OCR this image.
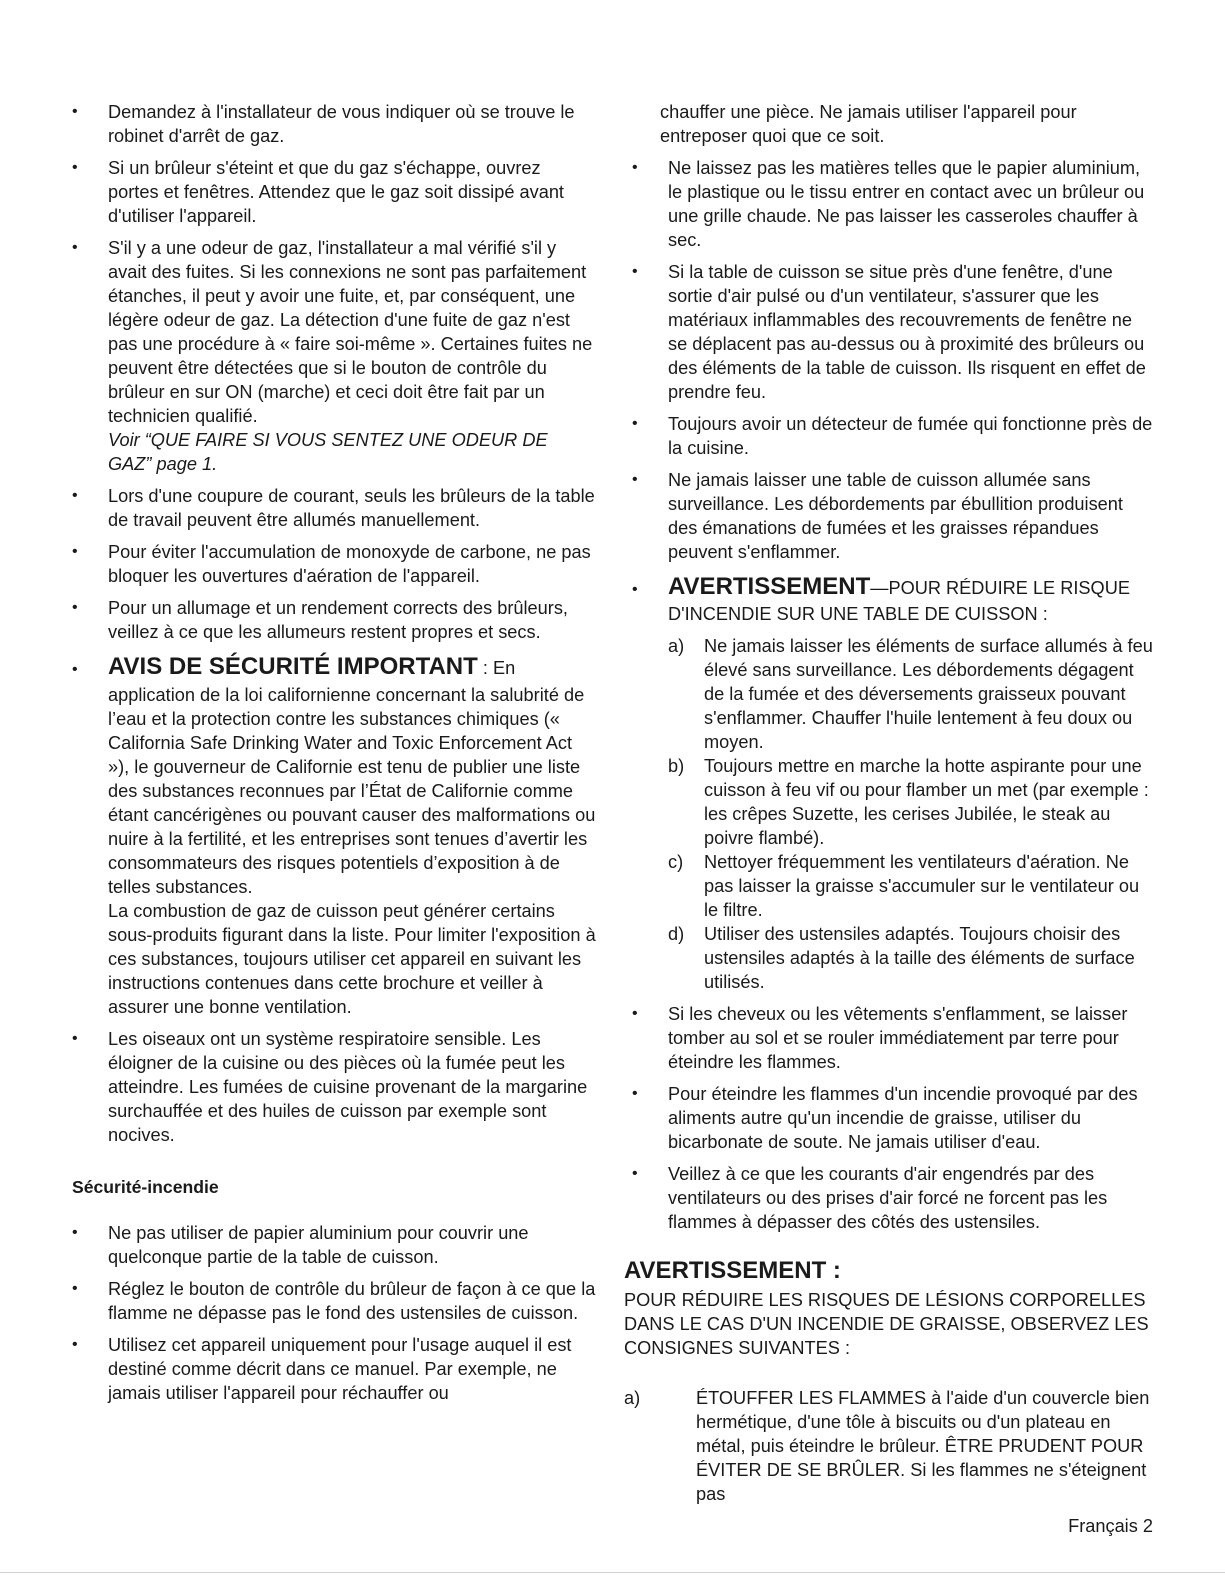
• Demandez à l'installateur de vous indiquer où se trouve le robinet d'arrêt de gaz.

• Si un brûleur s'éteint et que du gaz s'échappe, ouvrez portes et fenêtres. Attendez que le gaz soit dissipé avant d'utiliser l'appareil.

• S'il y a une odeur de gaz, l'installateur a mal vérifié s'il y avait des fuites. Si les connexions ne sont pas parfaitement étanches, il peut y avoir une fuite, et, par conséquent, une légère odeur de gaz. La détection d'une fuite de gaz n'est pas une procédure à « faire soi-même ». Certaines fuites ne peuvent être détectées que si le bouton de contrôle du brûleur en sur ON (marche) et ceci doit être fait par un technicien qualifié.

Voir “QUE FAIRE SI VOUS SENTEZ UNE ODEUR DE GAZ” page 1.

• Lors d'une coupure de courant, seuls les brûleurs de la table de travail peuvent être allumés manuellement.

• Pour éviter l'accumulation de monoxyde de carbone, ne pas bloquer les ouvertures d'aération de l'appareil.

• Pour un allumage et un rendement corrects des brûleurs, veillez à ce que les allumeurs restent propres et secs.

• AVIS DE SÉCURITÉ IMPORTANT : En

application de la loi californienne concernant la salubrité de l’eau et la protection contre les substances chimiques (« California Safe Drinking Water and Toxic Enforcement Act »), le gouverneur de Californie est tenu de publier une liste des substances reconnues par l’État de Californie comme étant cancérigènes ou pouvant causer des malformations ou nuire à la fertilité, et les entreprises sont tenues d’avertir les consommateurs des risques potentiels d’exposition à de telles substances.

La combustion de gaz de cuisson peut générer certains sous-produits figurant dans la liste. Pour limiter l'exposition à ces substances, toujours utiliser cet appareil en suivant les instructions contenues dans cette brochure et veiller à assurer une bonne ventilation.

• Les oiseaux ont un système respiratoire sensible. Les éloigner de la cuisine ou des pièces où la fumée peut les atteindre. Les fumées de cuisine provenant de la margarine surchauffée et des huiles de cuisson par exemple sont nocives.

Sécurité-incendie
• Ne pas utiliser de papier aluminium pour couvrir une quelconque partie de la table de cuisson.

• Réglez le bouton de contrôle du brûleur de façon à ce que la flamme ne dépasse pas le fond des ustensiles de cuisson.

• Utilisez cet appareil uniquement pour l'usage auquel il est destiné comme décrit dans ce manuel. Par exemple, ne jamais utiliser l'appareil pour réchauffer ou

chauffer une pièce. Ne jamais utiliser l'appareil pour entreposer quoi que ce soit.

• Ne laissez pas les matières telles que le papier aluminium, le plastique ou le tissu entrer en contact avec un brûleur ou une grille chaude. Ne pas laisser les casseroles chauffer à sec.

• Si la table de cuisson se situe près d'une fenêtre, d'une sortie d'air pulsé ou d'un ventilateur, s'assurer que les matériaux inflammables des recouvrements de fenêtre ne se déplacent pas au-dessus ou à proximité des brûleurs ou des éléments de la table de cuisson. Ils risquent en effet de prendre feu.

• Toujours avoir un détecteur de fumée qui fonctionne près de la cuisine.

• Ne jamais laisser une table de cuisson allumée sans surveillance. Les débordements par ébullition produisent des émanations de fumées et les graisses répandues peuvent s'enflammer.

• AVERTISSEMENT—POUR RÉDUIRE LE RISQUE D'INCENDIE SUR UNE TABLE DE CUISSON :

a) Ne jamais laisser les éléments de surface allumés à feu élevé sans surveillance. Les débordements dégagent de la fumée et des déversements graisseux pouvant s'enflammer. Chauffer l'huile lentement à feu doux ou moyen.

b) Toujours mettre en marche la hotte aspirante pour une cuisson à feu vif ou pour flamber un met (par exemple : les crêpes Suzette, les cerises Jubilée, le steak au poivre flambé).

c) Nettoyer fréquemment les ventilateurs d'aération. Ne pas laisser la graisse s'accumuler sur le ventilateur ou le filtre.

d) Utiliser des ustensiles adaptés. Toujours choisir des ustensiles adaptés à la taille des éléments de surface utilisés.

• Si les cheveux ou les vêtements s'enflamment, se laisser tomber au sol et se rouler immédiatement par terre pour éteindre les flammes.

• Pour éteindre les flammes d'un incendie provoqué par des aliments autre qu'un incendie de graisse, utiliser du bicarbonate de soute. Ne jamais utiliser d'eau.

• Veillez à ce que les courants d'air engendrés par des ventilateurs ou des prises d'air forcé ne forcent pas les flammes à dépasser des côtés des ustensiles.

AVERTISSEMENT :

POUR RÉDUIRE LES RISQUES DE LÉSIONS CORPORELLES DANS LE CAS D'UN INCENDIE DE GRAISSE, OBSERVEZ LES CONSIGNES SUIVANTES :

a)	ÉTOUFFER LES FLAMMES à l'aide d'un couvercle bien hermétique, d'une tôle à biscuits ou d'un plateau en métal, puis éteindre le brûleur. ÊTRE PRUDENT POUR ÉVITER DE SE BRÛLER. Si les flammes ne s'éteignent pas

Français 2
